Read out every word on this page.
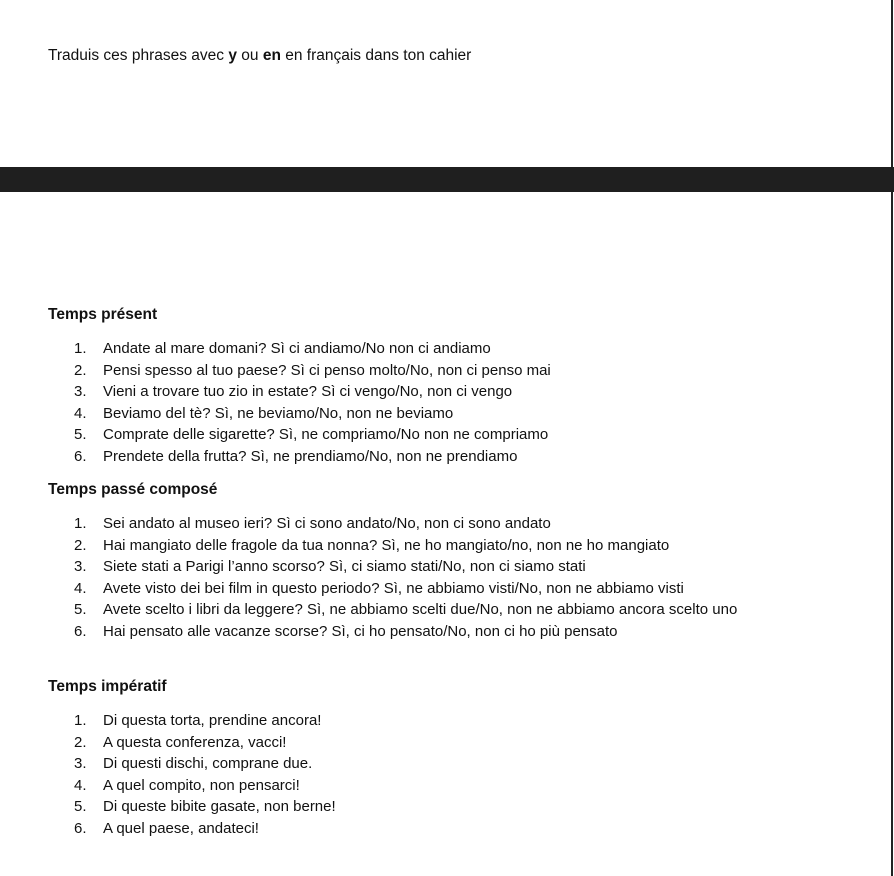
Traduis ces phrases avec y ou en en français dans ton cahier

Temps présent
1. Andate al mare domani? Sì ci andiamo/No non ci andiamo
2. Pensi spesso al tuo paese? Sì ci penso molto/No, non ci penso mai
3. Vieni a trovare tuo zio in estate? Sì ci vengo/No, non ci vengo
4. Beviamo del tè? Sì, ne beviamo/No, non ne beviamo
5. Comprate delle sigarette? Sì, ne compriamo/No non ne compriamo
6. Prendete della frutta? Sì, ne prendiamo/No, non ne prendiamo
Temps passé composé
1. Sei andato al museo ieri? Sì ci sono andato/No, non ci sono andato
2. Hai mangiato delle fragole da tua nonna? Sì, ne ho mangiato/no, non ne ho mangiato
3. Siete stati a Parigi l’anno scorso? Sì, ci siamo stati/No, non ci siamo stati
4. Avete visto dei bei film in questo periodo? Sì, ne abbiamo visti/No, non ne abbiamo visti
5. Avete scelto i libri da leggere? Sì, ne abbiamo scelti due/No, non ne abbiamo ancora scelto uno
6. Hai pensato alle vacanze scorse? Sì, ci ho pensato/No, non ci ho più pensato
Temps impératif
1. Di questa torta, prendine ancora!
2. A questa conferenza, vacci!
3. Di questi dischi, comprane due.
4. A quel compito, non pensarci!
5. Di queste bibite gasate, non berne!
6. A quel paese, andateci!
